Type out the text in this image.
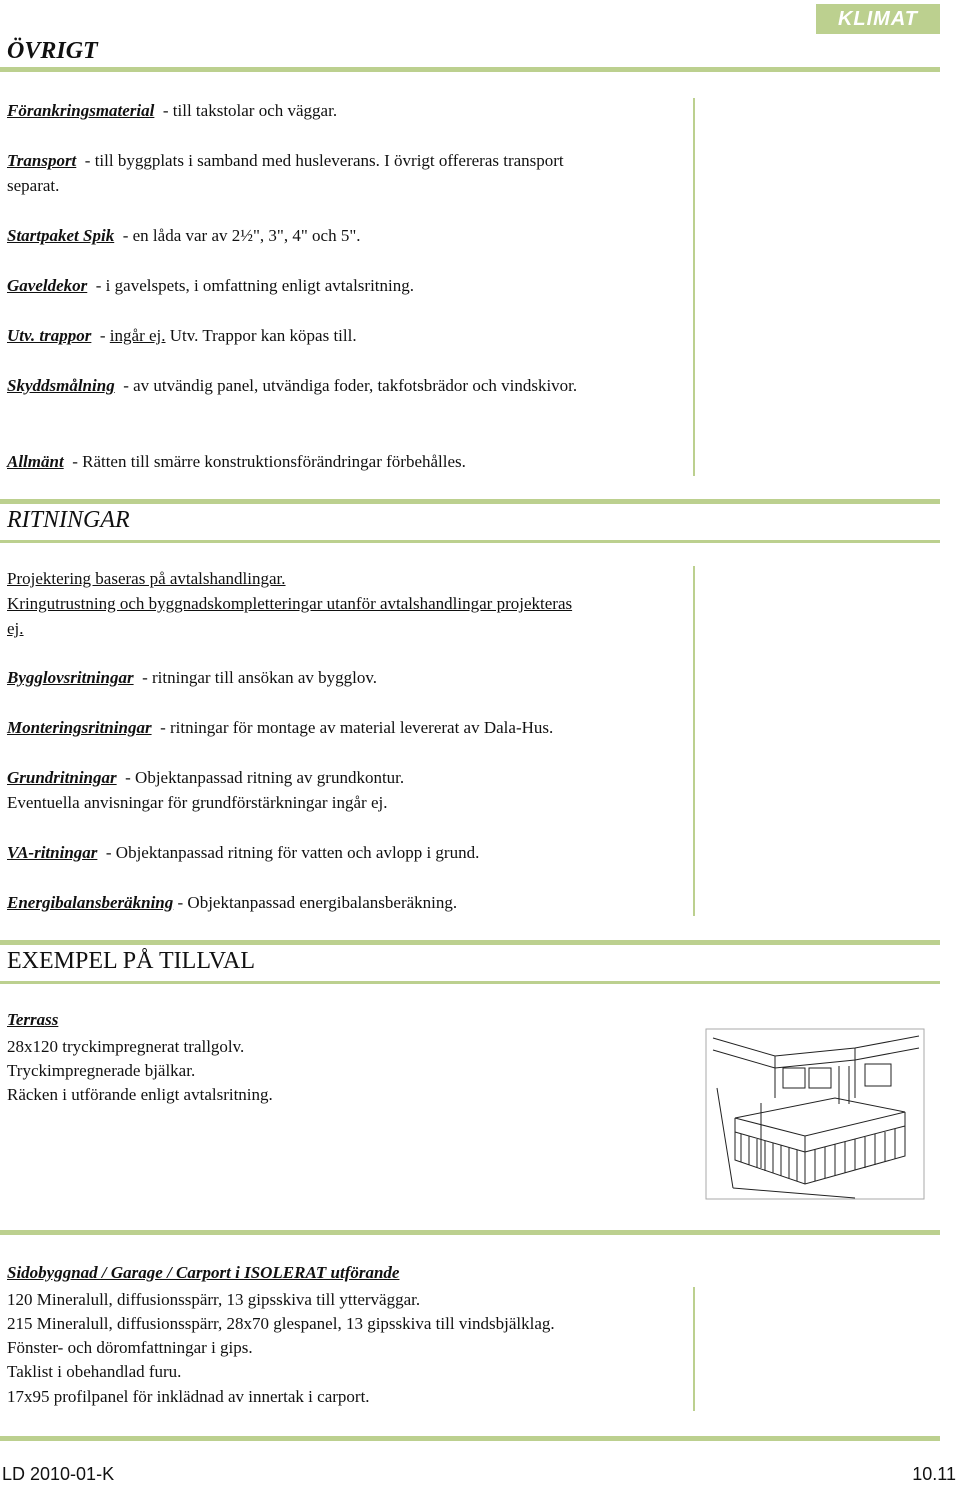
KLIMAT
ÖVRIGT
Förankringsmaterial - till takstolar och väggar.
Transport - till byggplats i samband med husleverans. I övrigt offereras transport separat.
Startpaket Spik - en låda var av 2½", 3", 4" och 5".
Gaveldekor - i gavelspets, i omfattning enligt avtalsritning.
Utv. trappor  - ingår ej. Utv. Trappor kan köpas till.
Skyddsmålning - av utvändig panel, utvändiga foder, takfotsbrädor och vindskivor.
Allmänt - Rätten till smärre konstruktionsförändringar förbehålles.
RITNINGAR
Projektering baseras på avtalshandlingar.
Kringutrustning och byggnadskompletteringar utanför avtalshandlingar projekteras ej.
Bygglovsritningar - ritningar till ansökan av bygglov.
Monteringsritningar - ritningar för montage av material levererat av Dala-Hus.
Grundritningar - Objektanpassad ritning av grundkontur.
Eventuella anvisningar för grundförstärkningar ingår ej.
VA-ritningar - Objektanpassad ritning för vatten och avlopp i grund.
Energibalansberäkning - Objektanpassad energibalansberäkning.
EXEMPEL PÅ TILLVAL
Terrass
28x120 tryckimpregnerat trallgolv.
Tryckimpregnerade bjälkar.
Räcken i utförande enligt avtalsritning.
Sidobyggnad / Garage / Carport i ISOLERAT utförande
120 Mineralull, diffusionsspärr, 13 gipsskiva till ytterväggar.
215 Mineralull, diffusionsspärr, 28x70 glespanel, 13 gipsskiva till vindsbjälklag.
Fönster- och döromfattningar i gips.
Taklist i obehandlad furu.
17x95 profilpanel för inklädnad av innertak i carport.
LD 2010-01-K	10.11
